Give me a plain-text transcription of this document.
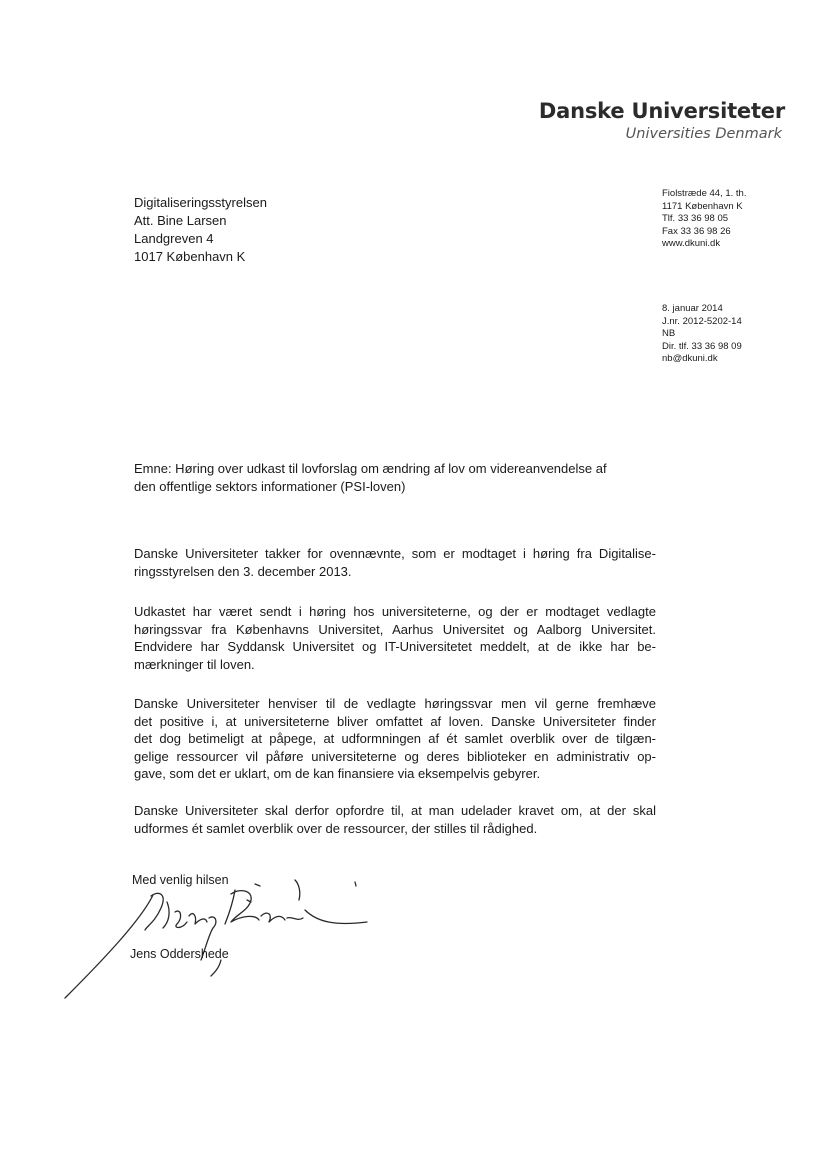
Danske Universiteter
Universities Denmark
Digitaliseringsstyrelsen
Att. Bine Larsen
Landgreven 4
1017 København K
Fiolstræde 44, 1. th.
1171 København K
Tlf. 33 36 98 05
Fax 33 36 98 26
www.dkuni.dk
8. januar 2014
J.nr. 2012-5202-14
NB
Dir. tlf. 33 36 98 09
nb@dkuni.dk
Emne: Høring over udkast til lovforslag om ændring af lov om videreanvendelse af
den offentlige sektors informationer (PSI-loven)
Danske Universiteter takker for ovennævnte, som er modtaget i høring fra Digitalise-
ringsstyrelsen den 3. december 2013.
Udkastet har været sendt i høring hos universiteterne, og der er modtaget vedlagte
høringssvar fra Københavns Universitet, Aarhus Universitet og Aalborg Universitet.
Endvidere har Syddansk Universitet og IT-Universitetet meddelt, at de ikke har be-
mærkninger til loven.
Danske Universiteter henviser til de vedlagte høringssvar men vil gerne fremhæve
det positive i, at universiteterne bliver omfattet af loven. Danske Universiteter finder
det dog betimeligt at påpege, at udformningen af ét samlet overblik over de tilgæn-
gelige ressourcer vil påføre universiteterne og deres biblioteker en administrativ op-
gave, som det er uklart, om de kan finansiere via eksempelvis gebyrer.
Danske Universiteter skal derfor opfordre til, at man udelader kravet om, at der skal
udformes ét samlet overblik over de ressourcer, der stilles til rådighed.
Med venlig hilsen
Jens Oddershede
